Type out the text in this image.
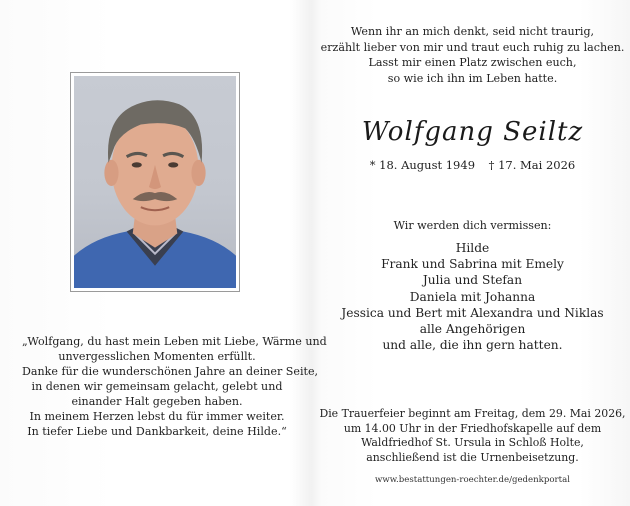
„Wolfgang, du hast mein Leben mit Liebe, Wärme und
unvergesslichen Momenten erfüllt.
Danke für die wunderschönen Jahre an deiner Seite,
in denen wir gemeinsam gelacht, gelebt und
einander Halt gegeben haben.
In meinem Herzen lebst du für immer weiter.
In tiefer Liebe und Dankbarkeit, deine Hilde.“
Wenn ihr an mich denkt, seid nicht traurig,
erzählt lieber von mir und traut euch ruhig zu lachen.
Lasst mir einen Platz zwischen euch,
so wie ich ihn im Leben hatte.
Wolfgang Seiltz
* 18. August 1949 † 17. Mai 2026
Wir werden dich vermissen:
Hilde
Frank und Sabrina mit Emely
Julia und Stefan
Daniela mit Johanna
Jessica und Bert mit Alexandra und Niklas
alle Angehörigen
und alle, die ihn gern hatten.
Die Trauerfeier beginnt am Freitag, dem 29. Mai 2026,
um 14.00 Uhr in der Friedhofskapelle auf dem
Waldfriedhof St. Ursula in Schloß Holte,
anschließend ist die Urnenbeisetzung.
www.bestattungen-roechter.de/gedenkportal
